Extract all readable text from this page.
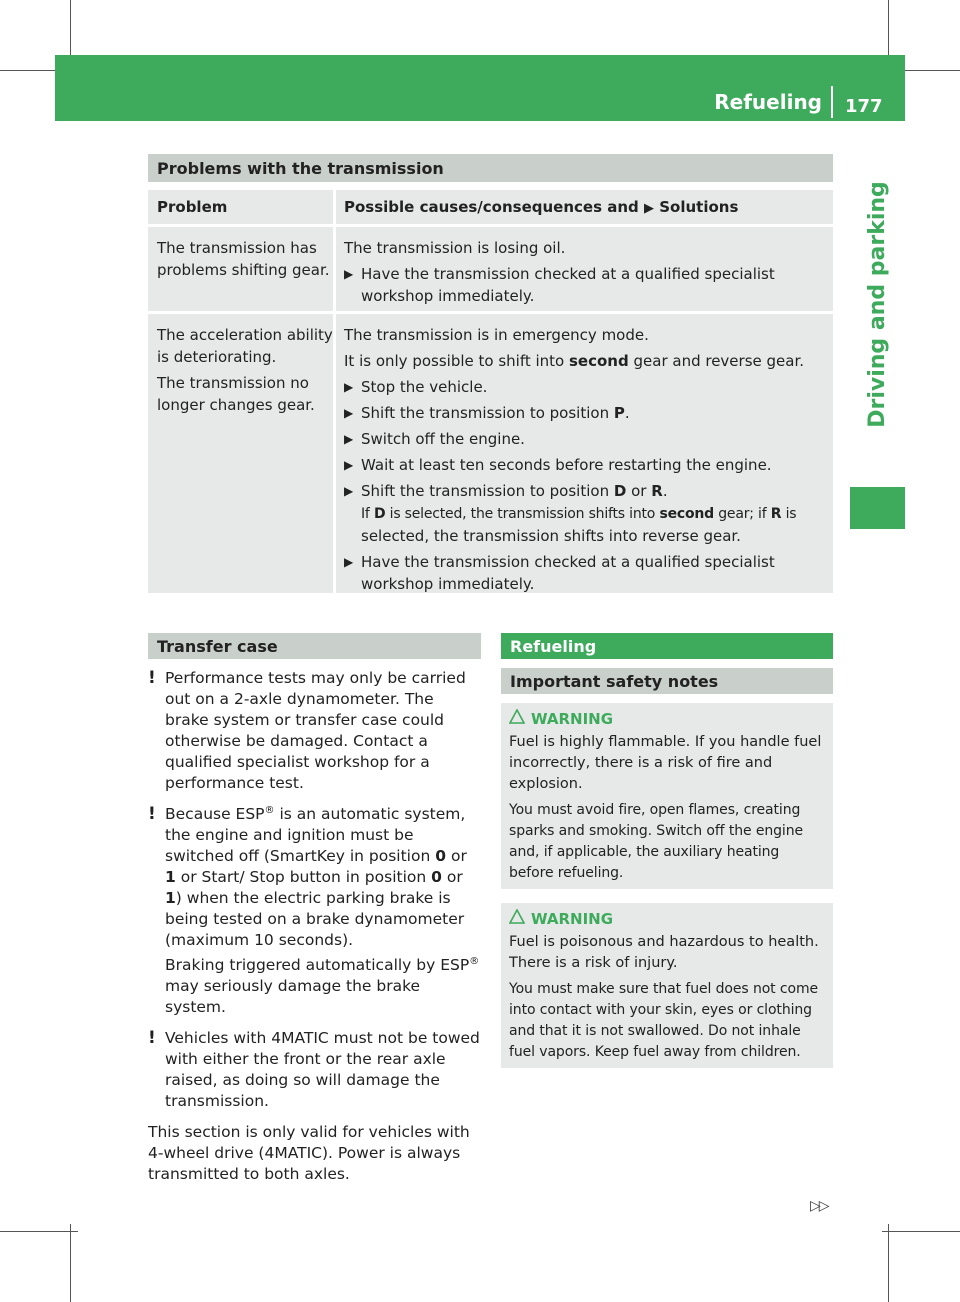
Refueling 177
Driving and parking
Problems with the transmission
Problem	Possible causes/consequences and ▶ Solutions
The transmission has problems shifting gear.

The transmission is losing oil.

▶ Have the transmission checked at a qualified specialist workshop immediately.

The acceleration ability is deteriorating.

The transmission no longer changes gear.

The transmission is in emergency mode.

It is only possible to shift into second gear and reverse gear.

▶ Stop the vehicle.
▶ Shift the transmission to position P.
▶ Switch off the engine.
▶ Wait at least ten seconds before restarting the engine.
▶ Shift the transmission to position D or R.
If D is selected, the transmission shifts into second gear; if R is selected, the transmission shifts into reverse gear.
▶ Have the transmission checked at a qualified specialist workshop immediately.
Transfer case
! Performance tests may only be carried out on a 2-axle dynamometer. The brake system or transfer case could otherwise be damaged. Contact a qualified specialist workshop for a performance test.

! Because ESP® is an automatic system, the engine and ignition must be switched off (SmartKey in position 0 or 1 or Start/ Stop button in position 0 or 1) when the electric parking brake is being tested on a brake dynamometer (maximum 10 seconds).

Braking triggered automatically by ESP® may seriously damage the brake system.

! Vehicles with 4MATIC must not be towed with either the front or the rear axle raised, as doing so will damage the transmission.

This section is only valid for vehicles with 4-wheel drive (4MATIC). Power is always transmitted to both axles.

Refueling
Important safety notes
WARNING

Fuel is highly flammable. If you handle fuel incorrectly, there is a risk of fire and explosion.

You must avoid fire, open flames, creating sparks and smoking. Switch off the engine and, if applicable, the auxiliary heating before refueling.

WARNING

Fuel is poisonous and hazardous to health. There is a risk of injury.

You must make sure that fuel does not come into contact with your skin, eyes or clothing and that it is not swallowed. Do not inhale fuel vapors. Keep fuel away from children.

▷▷
